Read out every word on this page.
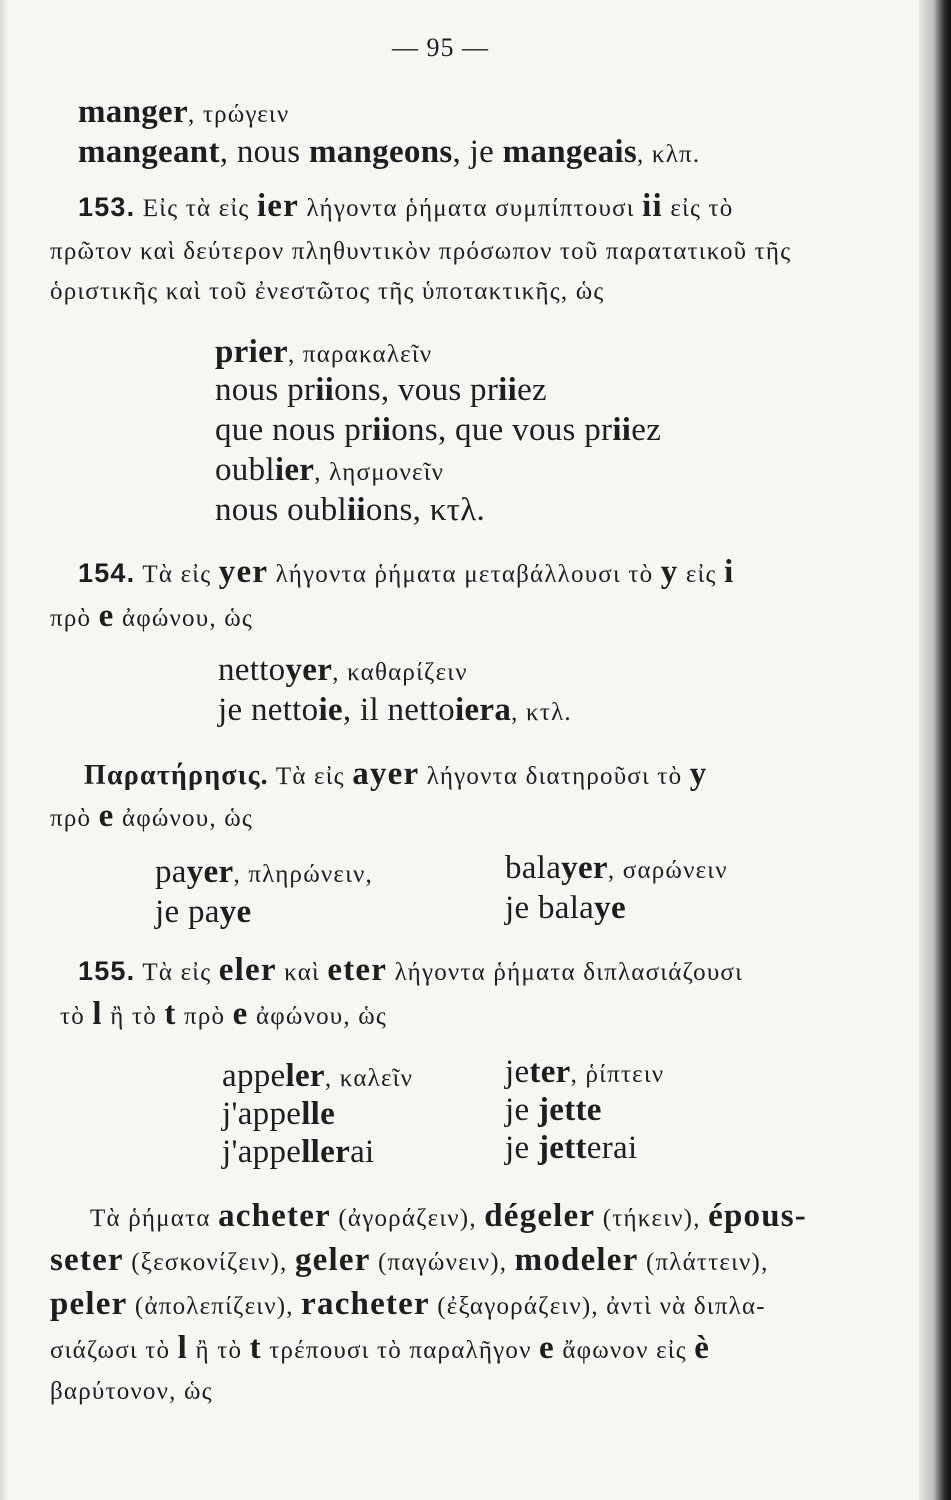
— 95 —
manger, τρώγειν
mangeant, nous mangeons, je mangeais, κλπ.
153. Εἰς τὰ εἰς ier λήγοντα ῥήματα συμπίπτουσι ii εἰς τὸ
πρῶτον καὶ δεύτερον πληθυντικὸν πρόσωπον τοῦ παρατατικοῦ τῆς
ὁριστικῆς καὶ τοῦ ἐνεστῶτος τῆς ὑποτακτικῆς, ὡς
prier, παρακαλεῖν
nous priions, vous priiez
que nous priions, que vous priiez
oublier, λησμονεῖν
nous oubliions, κτλ.
154. Τὰ εἰς yer λήγοντα ῥήματα μεταβάλλουσι τὸ y εἰς i
πρὸ e ἀφώνου, ὡς
nettoyer, καθαρίζειν
je nettoie, il nettoiera, κτλ.
Παρατήρησις. Τὰ εἰς ayer λήγοντα διατηροῦσι τὸ y
πρὸ e ἀφώνου, ὡς
payer, πληρώνειν,	balayer, σαρώνειν
je paye	je balaye
155. Τὰ εἰς eler καὶ eter λήγοντα ῥήματα διπλασιάζουσι
τὸ l ἢ τὸ t πρὸ e ἀφώνου, ὡς
appeler, καλεῖν	jeter, ῥίπτειν
j'appelle	je jette
j'appellerai	je jetterai
Τὰ ῥήματα acheter (ἀγοράζειν), dégeler (τήκειν), épous-
seter (ξεσκονίζειν), geler (παγώνειν), modeler (πλάττειν),
peler (ἀπολεπίζειν), racheter (ἐξαγοράζειν), ἀντὶ νὰ διπλα-
σιάζωσι τὸ l ἢ τὸ t τρέπουσι τὸ παραλῆγον e ἄφωνον εἰς è
βαρύτονον, ὡς
